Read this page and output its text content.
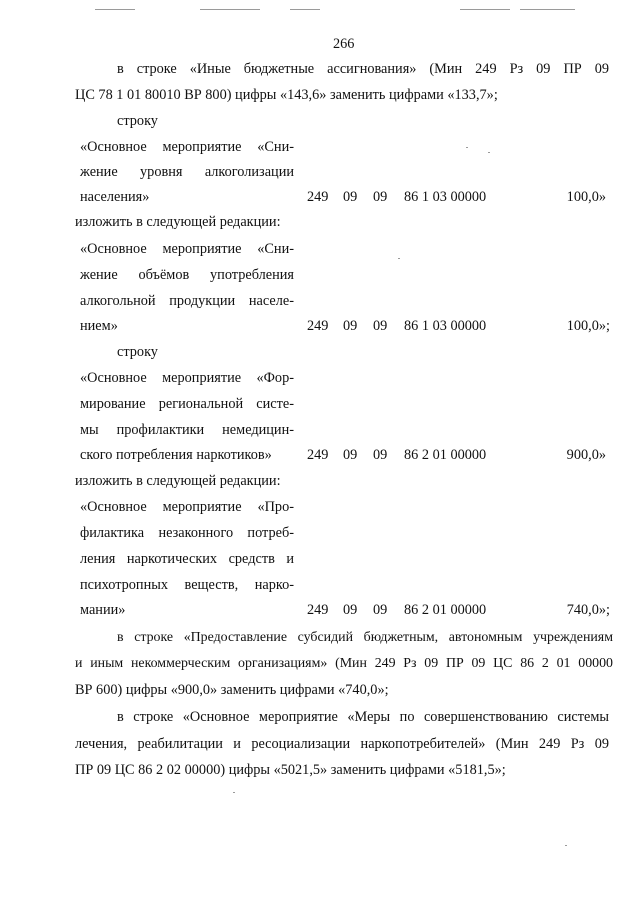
266
в строке «Иные бюджетные ассигнования» (Мин 249 Рз 09 ПР 09
ЦС 78 1 01 80010 ВР 800) цифры «143,6» заменить цифрами «133,7»;
строку
«Основное мероприятие «Сни-
жение уровня алкоголизации
населения»	249 09 09 86 1 03 00000	100,0»
изложить в следующей редакции:
«Основное мероприятие «Сни-
жение объёмов употребления
алкогольной продукции населе-
нием»	249 09 09 86 1 03 00000	100,0»;
строку
«Основное мероприятие «Фор-
мирование региональной систе-
мы профилактики немедицин-
ского потребления наркотиков» 249 09 09 86 2 01 00000	900,0»
изложить в следующей редакции:
«Основное мероприятие «Про-
филактика незаконного потреб-
ления наркотических средств и
психотропных веществ, нарко-
мании»	249 09 09 86 2 01 00000	740,0»;
в строке «Предоставление субсидий бюджетным, автономным учреждениям
и иным некоммерческим организациям» (Мин 249 Рз 09 ПР 09 ЦС 86 2 01 00000
ВР 600) цифры «900,0» заменить цифрами «740,0»;
в строке «Основное мероприятие «Меры по совершенствованию системы
лечения, реабилитации и ресоциализации наркопотребителей» (Мин 249 Рз 09
ПР 09 ЦС 86 2 02 00000) цифры «5021,5» заменить цифрами «5181,5»;
